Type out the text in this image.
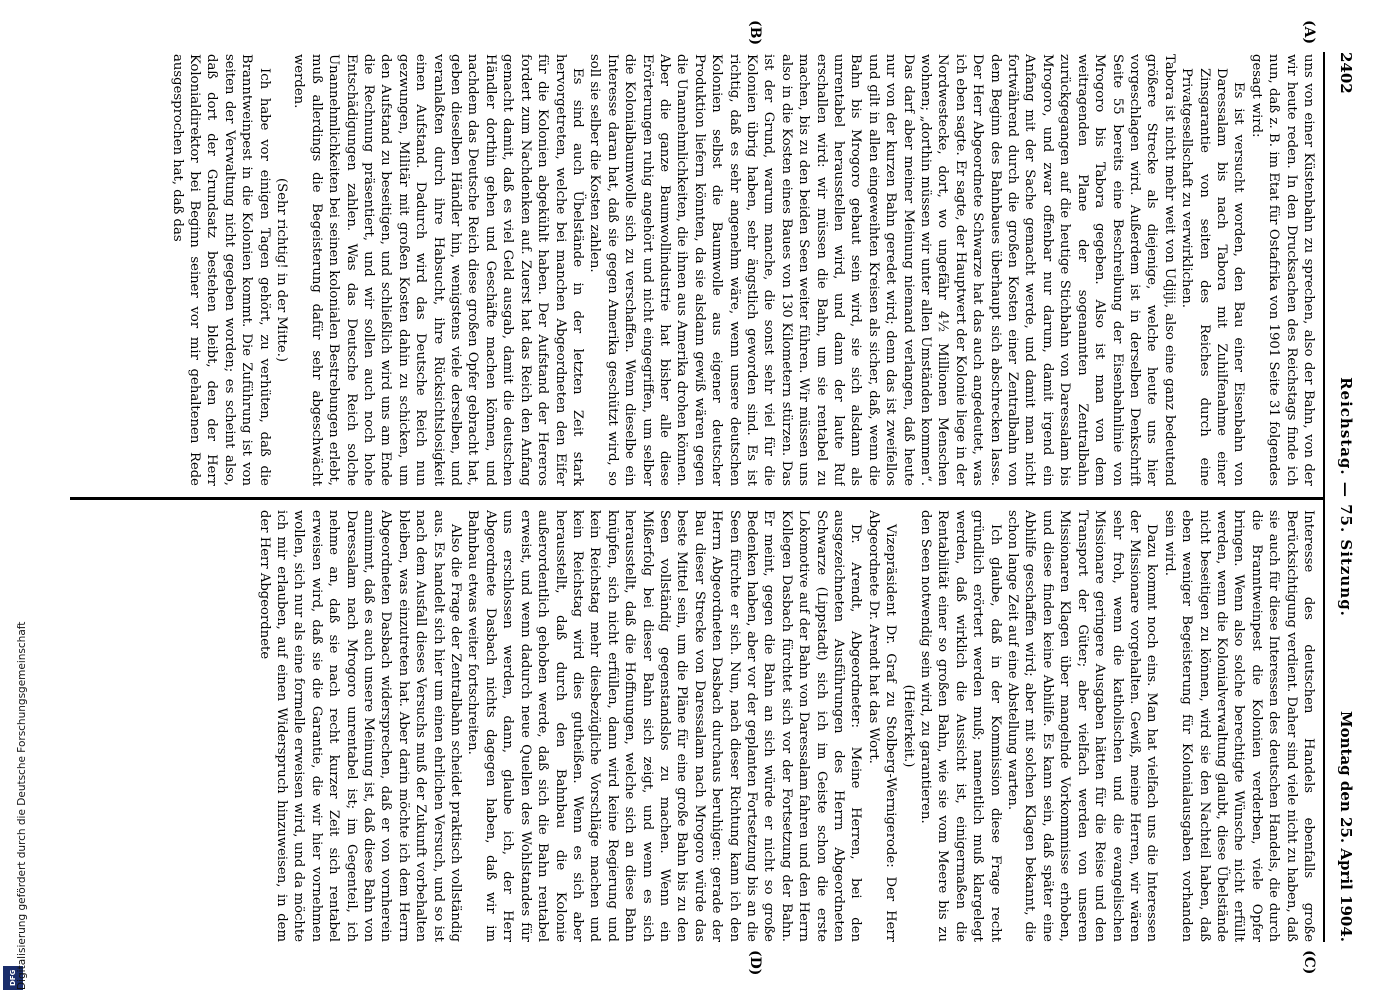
2402
Reichstag. — 75. Sitzung.
Montag den 25. April 1904.
(A)
(B)
(C)
(D)

uns von einer Küstenbahn zu sprechen, also der Bahn, von der wir heute reden. In den Drucksachen des Reichstags finde ich nun, daß z. B. im Etat für Ostafrika von 1901 Seite 31 folgendes gesagt wird:

Es ist versucht worden, den Bau einer Eisenbahn von Daressalam bis nach Tabora mit Zuhilfenahme einer Zinsgarantie von seiten des Reiches durch eine Privatgesellschaft zu verwirklichen.

Tabora ist nicht mehr weit von Udjiji, also eine ganz bedeutend größere Strecke als diejenige, welche heute uns hier vorgeschlagen wird. Außerdem ist in derselben Denkschrift Seite 55 bereits eine Beschreibung der Eisenbahnlinie von Mrogoro bis Tabora gegeben. Also ist man von dem weitragenden Plane der sogenannten Zentralbahn zurückgegangen auf die heutige Stichbahn von Daressalam bis Mrogoro, und zwar offenbar nur darum, damit irgend ein Anfang mit der Sache gemacht werde, und damit man nicht fortwährend durch die großen Kosten einer Zentralbahn von dem Beginn des Bahnbaues überhaupt sich abschrecken lasse. Der Herr Abgeordnete Schwarze hat das auch angedeutet, was ich eben sagte. Er sagte, der Hauptwert der Kolonie liege in der Nordwestecke, dort, wo ungefähr 4½ Millionen Menschen wohnen; „dorthin müssen wir unter allen Umständen kommen“. Das darf aber meiner Meinung niemand verlangen, daß heute nur von der kurzen Bahn geredet wird; denn das ist zweifellos und gilt in allen eingeweihten Kreisen als sicher, daß, wenn die Bahn bis Mrogoro gebaut sein wird, sie sich alsdann als unrentabel herausstellen wird, und dann der laute Ruf erschallen wird: wir müssen die Bahn, um sie rentabel zu machen, bis zu den beiden Seen weiter führen. Wir müssen uns also in die Kosten eines Baues von 130 Kilometern stürzen. Das ist der Grund, warum manche, die sonst sehr viel für die Kolonien übrig haben, sehr ängstlich geworden sind. Es ist richtig, daß es sehr angenehm wäre, wenn unsere deutschen Kolonien selbst die Baumwolle aus eigener deutscher Produktion liefern könnten, da sie alsdann gewiß wären gegen die Unannehmlichkeiten, die ihnen aus Amerika drohen können. Aber die ganze Baumwollindustrie hat bisher alle diese Erörterungen ruhig angehört und nicht eingegriffen, um selber die Kolonialbaumwolle sich zu verschaffen. Wenn dieselbe ein Interesse daran hat, daß sie gegen Amerika geschützt wird, so soll sie selber die Kosten zahlen.

Es sind auch Übelstände in der letzten Zeit stark hervorgetreten, welche bei manchen Abgeordneten den Eifer für die Kolonien abgekühlt haben. Der Aufstand der Hereros fordert zum Nachdenken auf. Zuerst hat das Reich den Anfang gemacht damit, daß es viel Geld ausgab, damit die deutschen Händler dorthin gehen und Geschäfte machen können, und nachdem das Deutsche Reich diese großen Opfer gebracht hat, geben dieselben Händler hin, wenigstens viele derselben, und veranlaßten durch ihre Habsucht, ihre Rücksichtslosigkeit einen Aufstand. Dadurch wird das Deutsche Reich nun gezwungen, Militär mit großen Kosten dahin zu schicken, um den Aufstand zu beseitigen, und schließlich wird uns am Ende die Rechnung präsentiert, und wir sollen auch noch hohe Entschädigungen zahlen. Was das Deutsche Reich solche Unannehmlichkeiten bei seinen kolonialen Bestrebungen erlebt, muß allerdings die Begeisterung dafür sehr abgeschwächt werden.

(Sehr richtig! in der Mitte.)

Ich habe vor einigen Tagen gehört, zu verhüten, daß die Branntweinpest in die Kolonien kommt. Die Zuführung ist von seiten der Verwaltung nicht gegeben worden; es scheint also, daß dort der Grundsatz bestehen bleibt, den der Herr Kolonialdirektor bei Beginn seiner vor mir gehaltenen Rede ausgesprochen hat, daß das

Interesse des deutschen Handels ebenfalls große Berücksichtigung verdient. Daher sind viele nicht zu haben, daß sie auch für diese Interessen des deutschen Handels, die durch die Branntweinpest die Kolonien verderben, viele Opfer bringen. Wenn also solche berechtigte Wünsche nicht erfüllt werden, wenn die Kolonialverwaltung glaubt, diese Übelstände nicht beseitigen zu können, wird sie den Nachteil haben, daß eben weniger Begeisterung für Kolonialausgaben vorhanden sein wird.

Dazu kommt noch eins. Man hat vielfach uns die Interessen der Missionare vorgehalten. Gewiß, meine Herren, wir wären sehr froh, wenn die katholischen und die evangelischen Missionare geringere Ausgaben hätten für die Reise und den Transport der Güter; aber vielfach werden von unseren Missionaren Klagen über mangelnde Vorkommnisse erhoben, und diese finden keine Abhilfe. Es kann sein, daß später eine Abhilfe geschaffen wird; aber mit solchen Klagen bekannt, die schon lange Zeit auf eine Abstellung warten.

Ich glaube, daß in der Kommission diese Frage recht gründlich erörtert werden muß; namentlich muß klargelegt werden, daß wirklich die Aussicht ist, einigermaßen die Rentabilität einer so großen Bahn, wie sie vom Meere bis zu den Seen notwendig sein wird, zu garantieren.

(Heiterkeit.)

Vizepräsident Dr. Graf zu Stolberg-Wernigerode: Der Herr Abgeordnete Dr. Arendt hat das Wort.

Dr. Arendt, Abgeordneter: Meine Herren, bei den ausgezeichneten Ausführungen des Herrn Abgeordneten Schwarze (Lippstadt) sich ich im Geiste schon die erste Lokomotive auf der Bahn von Daressalam fahren und den Herrn Kollegen Dasbach fürchtet sich vor der Fortsetzung der Bahn. Er meint, gegen die Bahn an sich würde er nicht so große Bedenken haben, aber vor der geplanten Fortsetzung bis an die Seen fürchte er sich. Nun, nach dieser Richtung kann ich den Herrn Abgeordneten Dasbach durchaus beruhigen: gerade der Bau dieser Strecke von Daressalam nach Mrogoro würde das beste Mittel sein, um die Pläne für eine große Bahn bis zu den Seen vollständig gegenstandslos zu machen. Wenn ein Mißerfolg bei dieser Bahn sich zeigt, und wenn es sich herausstellt, daß die Hoffnungen, welche sich an diese Bahn knüpfen, sich nicht erfüllen, dann wird keine Regierung und kein Reichstag mehr diesbezügliche Vorschläge machen und kein Reichstag wird dies gutheißen. Wenn es sich aber herausstellt, daß durch den Bahnbau die Kolonie außerordentlich gehoben werde, daß sich die Bahn rentabel erweist, und wenn dadurch neue Quellen des Wohlstandes für uns erschlossen werden, dann, glaube ich, der Herr Abgeordnete Dasbach nichts dagegen haben, daß wir im Bahnbau etwas weiter fortschreiten.

Also die Frage der Zentralbahn scheidet praktisch vollständig aus. Es handelt sich hier um einen ehrlichen Versuch, und so ist nach dem Ausfall dieses Versuchs muß der Zukunft vorbehalten bleiben, was einzutreten hat. Aber darin möchte ich dem Herrn Abgeordneten Dasbach widersprechen, daß er von vornherein annimmt, daß es auch unsere Meinung ist, daß diese Bahn von Daressalam nach Mrogoro unrentabel ist; im Gegenteil, ich nehme an, daß sie nach recht kurzer Zeit sich rentabel erweisen wird, daß sie die Garantie, die wir hier vornehmen wollen, sich nur als eine formelle erweisen wird, und da möchte ich mir erlauben, auf einen Widerspruch hinzuweisen, in dem der Herr Abgeordnete

DFG Digitalisierung gefördert durch die Deutsche Forschungsgemeinschaft
